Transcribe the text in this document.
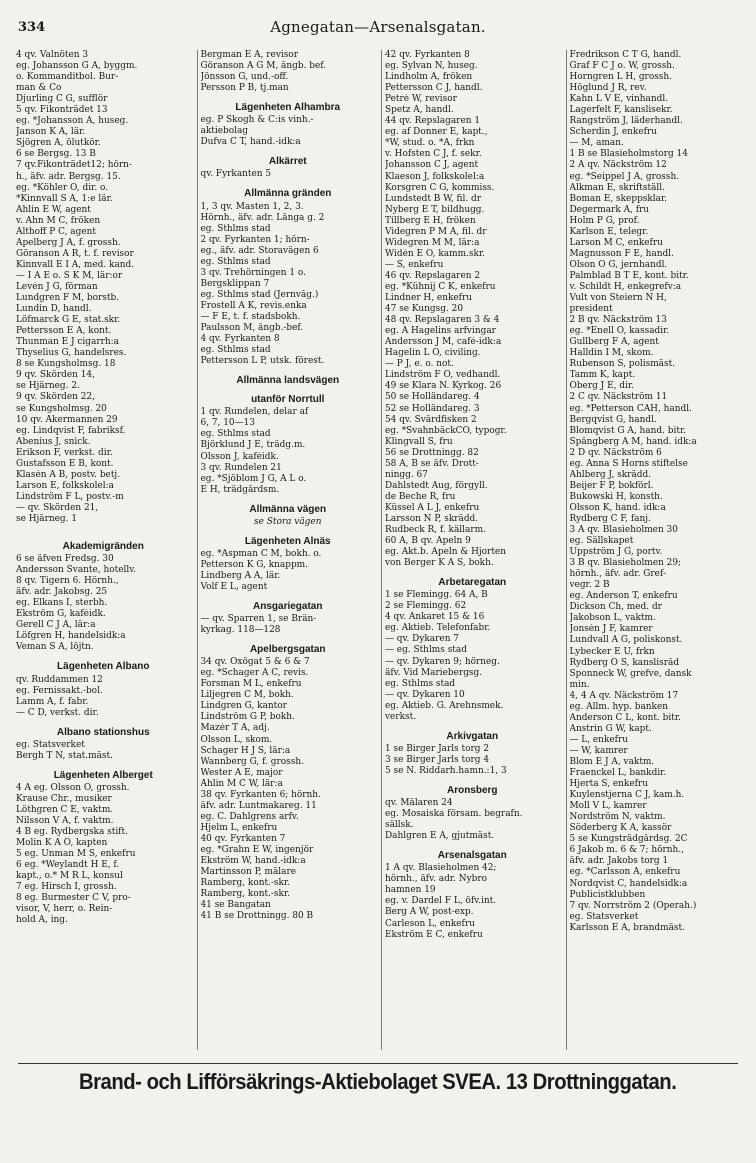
334	Agnegatan—Arsenalsgatan.
4 qv. Valnöten 3
eg. Johansson G A, byggm.
o. Kommanditbol. Bur-
man & Co
Djurling C G, sufflör
5 qv. Fikonträdet 13
eg. *Johansson A, huseg.
Janson K A, lär.
Sjögren A, ölutkör.
6 se Bergsg. 13 B
7 qv.Fikonträdet12; hörn-
h., äfv. adr. Bergsg. 15.
eg. *Köhler O, dir. o.
*Kinnvall S A, 1:e lär.
Ahlin E W, agent
v. Ahn M C, fröken
Althoff P C, agent
Apelberg J A, f. grossh.
Göranson A R, t. f. revisor
Kinnvall E I A, med. kand.
— I A E o. S K M, lär:or
Levén J G, förman
Lundgren F M, borstb.
Lundin D, handl.
Löfmarck G E, stat.skr.
Pettersson E A, kont.
Thunman E J cigarrh:a
Thyselius G, handelsres.
8 se Kungsholmsg. 18
9 qv. Skörden 14,
se Hjärneg. 2.
9 qv. Skörden 22,
se Kungsholmsg. 20
10 qv. Åkermannen 29
eg. Lindqvist F, fabriksf.
Abenius J, snick.
Erikson F, verkst. dir.
Gustafsson E B, kont.
Klasén A B, postv. betj.
Larson E, folkskolel:a
Lindström F L, postv.-m
— qv. Skörden 21,
se Hjärneg. 1
Akademigränden
6 se äfven Fredsg. 30
Andersson Svante, hotellv.
8 qv. Tigern 6. Hörnh.,
äfv. adr. Jakobsg. 25
eg. Elkans I, sterbh.
Ekström G, kaféidk.
Gerell C J A, lär:a
Löfgren H, handelsidk:a
Veman S A, löjtn.
Lägenheten Albano
qv. Ruddammen 12
eg. Fernissakt.-bol.
Lamm A, f. fabr.
— C D, verkst. dir.
Albano stationshus
eg. Statsverket
Bergh T N, stat.mäst.
Lägenheten Alberget
4 A eg. Olsson O, grossh.
Krause Chr., musiker
Löthgren C E, vaktm.
Nilsson V A, f. vaktm.
4 B eg. Rydbergska stift.
Molin K A O, kapten
5 eg. Unman M S, enkefru
6 eg. *Weylandt H E, f.
kapt., o.* M R L, konsul
7 eg. Hirsch I, grossh.
8 eg. Burmester C V, pro-
visor, V, herr, o. Rein-
hold A, ing.
Bergman E A, revisor
Göranson A G M, ångb. bef.
Jönsson G, und.-off.
Persson P B, tj.man
Lägenheten Alhambra
eg. P Skogh & C:is vinh.-
aktiebolag
Dufva C T, hand.-idk:a
Alkärret
qv. Fyrkanten 5
Allmänna gränden
1, 3 qv. Masten 1, 2, 3.
Hörnh., äfv. adr. Långa g. 2
eg. Sthlms stad
2 qv. Fyrkanten 1; hörn-
eg., äfv. adr. Storavägen 6
eg. Sthlms stad
3 qv. Trehörningen 1 o.
Bergsklippan 7
eg. Sthlms stad (Jernvåg.)
Frostell A K, revis.enka
— F E, t. f. stadsbokh.
Paulsson M, ångb.-bef.
4 qv. Fyrkanten 8
eg. Sthlms stad
Pettersson L P, utsk. förest.
Allmänna landsvägen
utanför Norrtull
1 qv. Rundelen, delar af
6, 7, 10—13
eg. Sthlms stad
Björklund J E, trädg.m.
Olsson J, kaféidk.
3 qv. Rundelen 21
eg. *Sjöblom J G, A L o.
E H, trädgårdsm.
Allmänna vägen
se Stora vägen
Lägenheten Alnäs
eg. *Aspman C M, bokh. o.
Petterson K G, knappm.
Lindberg A A, lär.
Volf E L, agent
Ansgariegatan
— qv. Sparren 1, se Brän-
kyrkag. 118—128
Apelbergsgatan
34 qv. Oxögat 5 & 6 & 7
eg. *Schager A C, revis.
Forsman M L, enkefru
Liljegren C M, bokh.
Lindgren G, kantor
Lindström G P, bokh.
Mazér T A, adj.
Olsson L, skom.
Schager H J S, lär:a
Wannberg G, f. grossh.
Wester A E, major
Åhlin M C W, lär:a
38 qv. Fyrkanten 6; hörnh.
äfv. adr. Luntmakareg. 11
eg. C. Dahlgrens arfv.
Hjelm L, enkefru
40 qv. Fyrkanten 7
eg. *Grahn E W, ingenjör
Ekström W, hand.-idk:a
Martinsson P, målare
Ramberg, kont.-skr.
Ramberg, kont.-skr.
41 se Bangatan
41 B se Drottningg. 80 B
42 qv. Fyrkanten 8
eg. Sylvan N, huseg.
Lindholm A, fröken
Pettersson C J, handl.
Petré W, revisor
Spetz A, handl.
44 qv. Repslagaren 1
eg. af Donner E, kapt.,
*W, stud. o. *A, frkn
v. Hofsten C J, f. sekr.
Johansson C J, agent
Klaeson J, folkskolel:a
Korsgren C G, kommiss.
Lundstedt B W, fil. dr
Nyberg E T, bildhugg.
Tillberg E H, fröken
Videgren P M A, fil. dr
Widegren M M, lär:a
Widén E O, kamm.skr.
— S, enkefru
46 qv. Repslagaren 2
eg. *Kühnij C K, enkefru
Lindner H, enkefru
47 se Kungsg. 20
48 qv. Repslagaren 3 & 4
eg. A Hagelins arfvingar
Andersson J M, café-idk:a
Hagelin L O, civiling.
— P J, e. o. not.
Lindström F O, vedhandl.
49 se Klara N. Kyrkog. 26
50 se Holländareg. 4
52 se Holländareg. 3
54 qv. Svärdfisken 2
eg. *SvahnbäckCO, typogr.
Klingvall S, fru
56 se Drottningg. 82
58 A, B se äfv. Drott-
ningg. 67
Dahlstedt Aug, förgyll.
de Beche R, fru
Küssel A L J, enkefru
Larsson N P, skrädd.
Rudbeck R, f. källarm.
60 A, B qv. Apeln 9
eg. Akt.b. Apeln & Hjorten
von Berger K A S, bokh.
Arbetaregatan
1 se Flemingg. 64 A, B
2 se Flemingg. 62
4 qv. Ankaret 15 & 16
eg. Aktieb. Telefonfabr.
— qv. Dykaren 7
— eg. Sthlms stad
— qv. Dykaren 9; hörneg.
äfv. Vid Mariebergsg.
eg. Sthlms stad
— qv. Dykaren 10
eg. Aktieb. G. Arehnsmek.
verkst.
Arkivgatan
1 se Birger Jarls torg 2
3 se Birger Jarls torg 4
5 se N. Riddarh.hamn.:1, 3
Aronsberg
qv. Mälaren 24
eg. Mosaiska försam. begrafn.
sällsk.
Dahlgren E A, gjutmäst.
Arsenalsgatan
1 A qv. Blasieholmen 42;
hörnh., äfv. adr. Nybro
hamnen 19
eg. v. Dardel F L, öfv.int.
Berg A W, post-exp.
Carleson L, enkefru
Ekström E C, enkefru
Fredrikson C T G, handl.
Graf F C J o. W, grossh.
Horngren L H, grossh.
Höglund J R, rev.
Kahn L V E, vinhandl.
Lagerfelt F, kanslisekr.
Rangström J, läderhandl.
Scherdin J, enkefru
— M, aman.
1 B se Blasieholmstorg 14
2 A qv. Näckström 12
eg. *Seippel J A, grossh.
Alkman E, skriftställ.
Boman E, skeppsklar.
Degermark A, fru
Holm P G, prof.
Karlson E, telegr.
Larson M C, enkefru
Magnusson F E, handl.
Olson O G, jernhandl.
Palmblad B T E, kont. bitr.
v. Schildt H, enkegrefv:a
Vult von Steiern N H,
president
2 B qv. Näckström 13
eg. *Enell O, kassadir.
Gullberg F A, agent
Halldin I M, skom.
Rubenson S, polismäst.
Tamm K, kapt.
Öberg J E, dir.
2 C qv. Näckström 11
eg. *Petterson CAH, handl.
Bergqvist G, handl.
Blomqvist G A, hand. bitr.
Spångberg A M, hand. idk:a
2 D qv. Näckström 6
eg. Anna S Horns stiftelse
Ahlberg J, skrädd.
Beijer F P, bokförl.
Bukowski H, konsth.
Olsson K, hand. idk:a
Rydberg C F, fanj.
3 A qv. Blasieholmen 30
eg. Sällskapet
Uppström J G, portv.
3 B qv. Blasieholmen 29;
hörnh., äfv. adr. Gref-
vegr. 2 B
eg. Anderson T, enkefru
Dickson Ch, med. dr
Jakobson L, vaktm.
Jonsén J F, kamrer
Lundvall A G, poliskonst.
Lybecker E U, frkn
Rydberg O S, kanslisråd
Sponneck W, grefve, dansk
min.
4, 4 A qv. Näckström 17
eg. Allm. hyp. banken
Anderson C L, kont. bitr.
Anstrin G W, kapt.
— L, enkefru
— W, kamrer
Blom E J A, vaktm.
Fraenckel L, bankdir.
Hjerta S, enkefru
Kuylenstjerna C J, kam.h.
Moll V L, kamrer
Nordström N, vaktm.
Söderberg K A, kassör
5 se Kungsträdgårdsg. 2C
6 Jakob m. 6 & 7; hörnh.,
äfv. adr. Jakobs torg 1
eg. *Carlsson A, enkefru
Nordqvist C, handelsidk:a
Publicistklubben
7 qv. Norrström 2 (Operah.)
eg. Statsverket
Karlsson E A, brandmäst.
Brand- och Lifförsäkrings-Aktiebolaget SVEA. 13 Drottninggatan.
